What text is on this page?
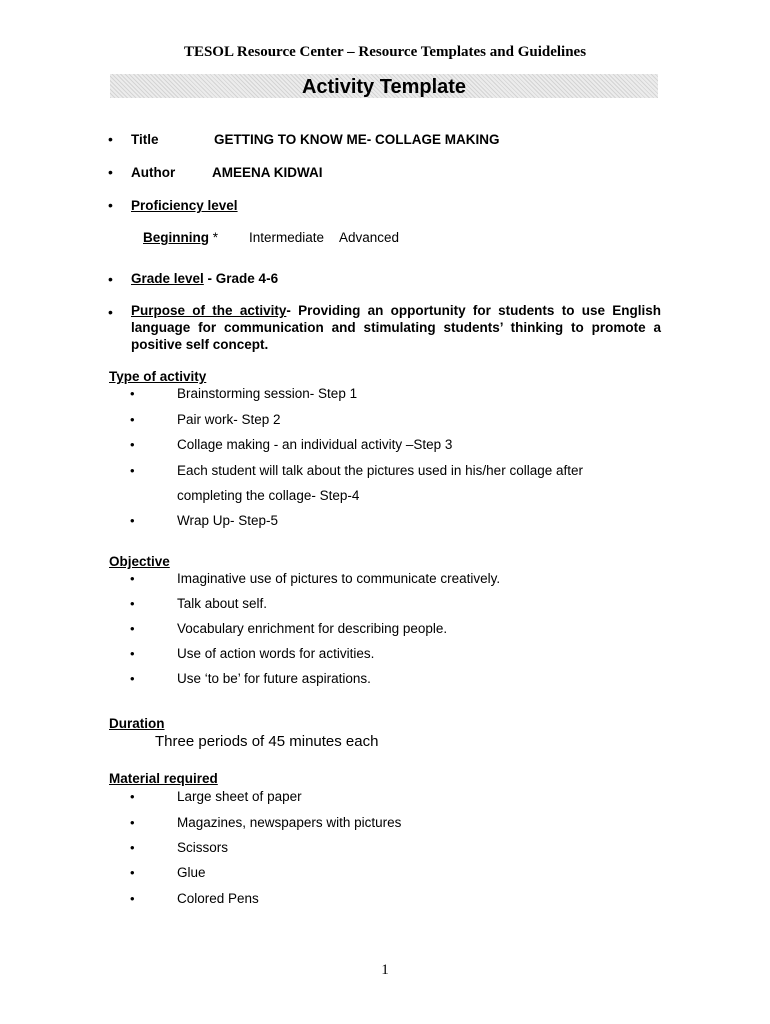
TESOL Resource Center – Resource Templates and Guidelines
Activity Template
• Title	GETTING TO KNOW ME- COLLAGE MAKING
• Author	AMEENA KIDWAI
• Proficiency level
Beginning * Intermediate Advanced
• Grade level - Grade 4-6
• Purpose of the activity- Providing an opportunity for students to use English language for communication and stimulating students’ thinking to promote a positive self concept.
Type of activity
•	Brainstorming session- Step 1
•	Pair work- Step 2
•	Collage making - an individual activity –Step 3
•	Each student will talk about the pictures used in his/her collage after
completing the collage- Step-4
•	Wrap Up- Step-5
Objective
•	Imaginative use of pictures to communicate creatively.
•	Talk about self.
•	Vocabulary enrichment for describing people.
•	Use of action words for activities.
•	Use ‘to be’ for future aspirations.
Duration
Three periods of 45 minutes each
Material required
•	Large sheet of paper
•	Magazines, newspapers with pictures
•	Scissors
•	Glue
•	Colored Pens
1
